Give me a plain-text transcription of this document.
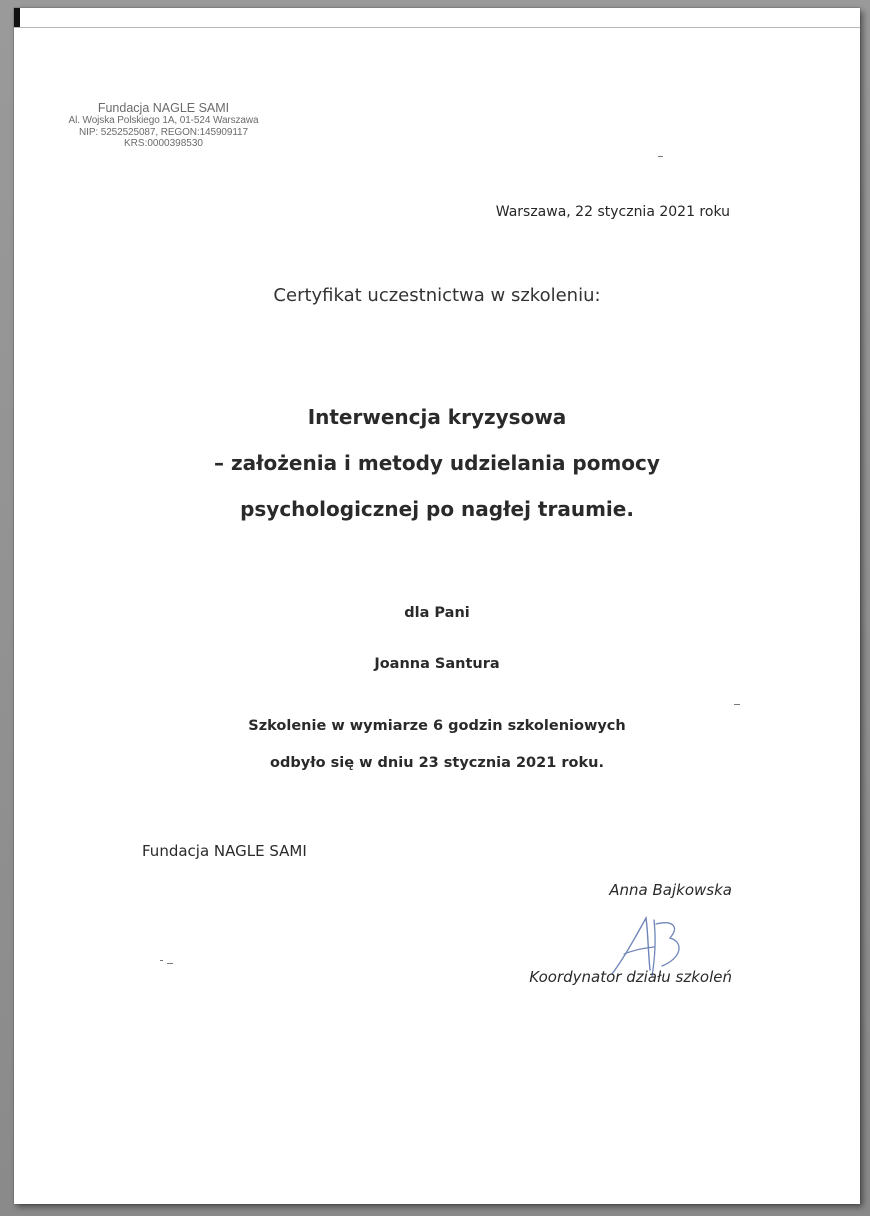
Fundacja NAGLE SAMI
Al. Wojska Polskiego 1A, 01-524 Warszawa
NIP: 5252525087, REGON:145909117
KRS:0000398530
Warszawa, 22 stycznia 2021 roku
Certyfikat uczestnictwa w szkoleniu:
Interwencja kryzysowa
– założenia i metody udzielania pomocy
psychologicznej po nagłej traumie.
dla Pani
Joanna Santura
Szkolenie w wymiarze 6 godzin szkoleniowych
odbyło się w dniu 23 stycznia 2021 roku.
Fundacja NAGLE SAMI
Anna Bajkowska
Koordynator działu szkoleń
